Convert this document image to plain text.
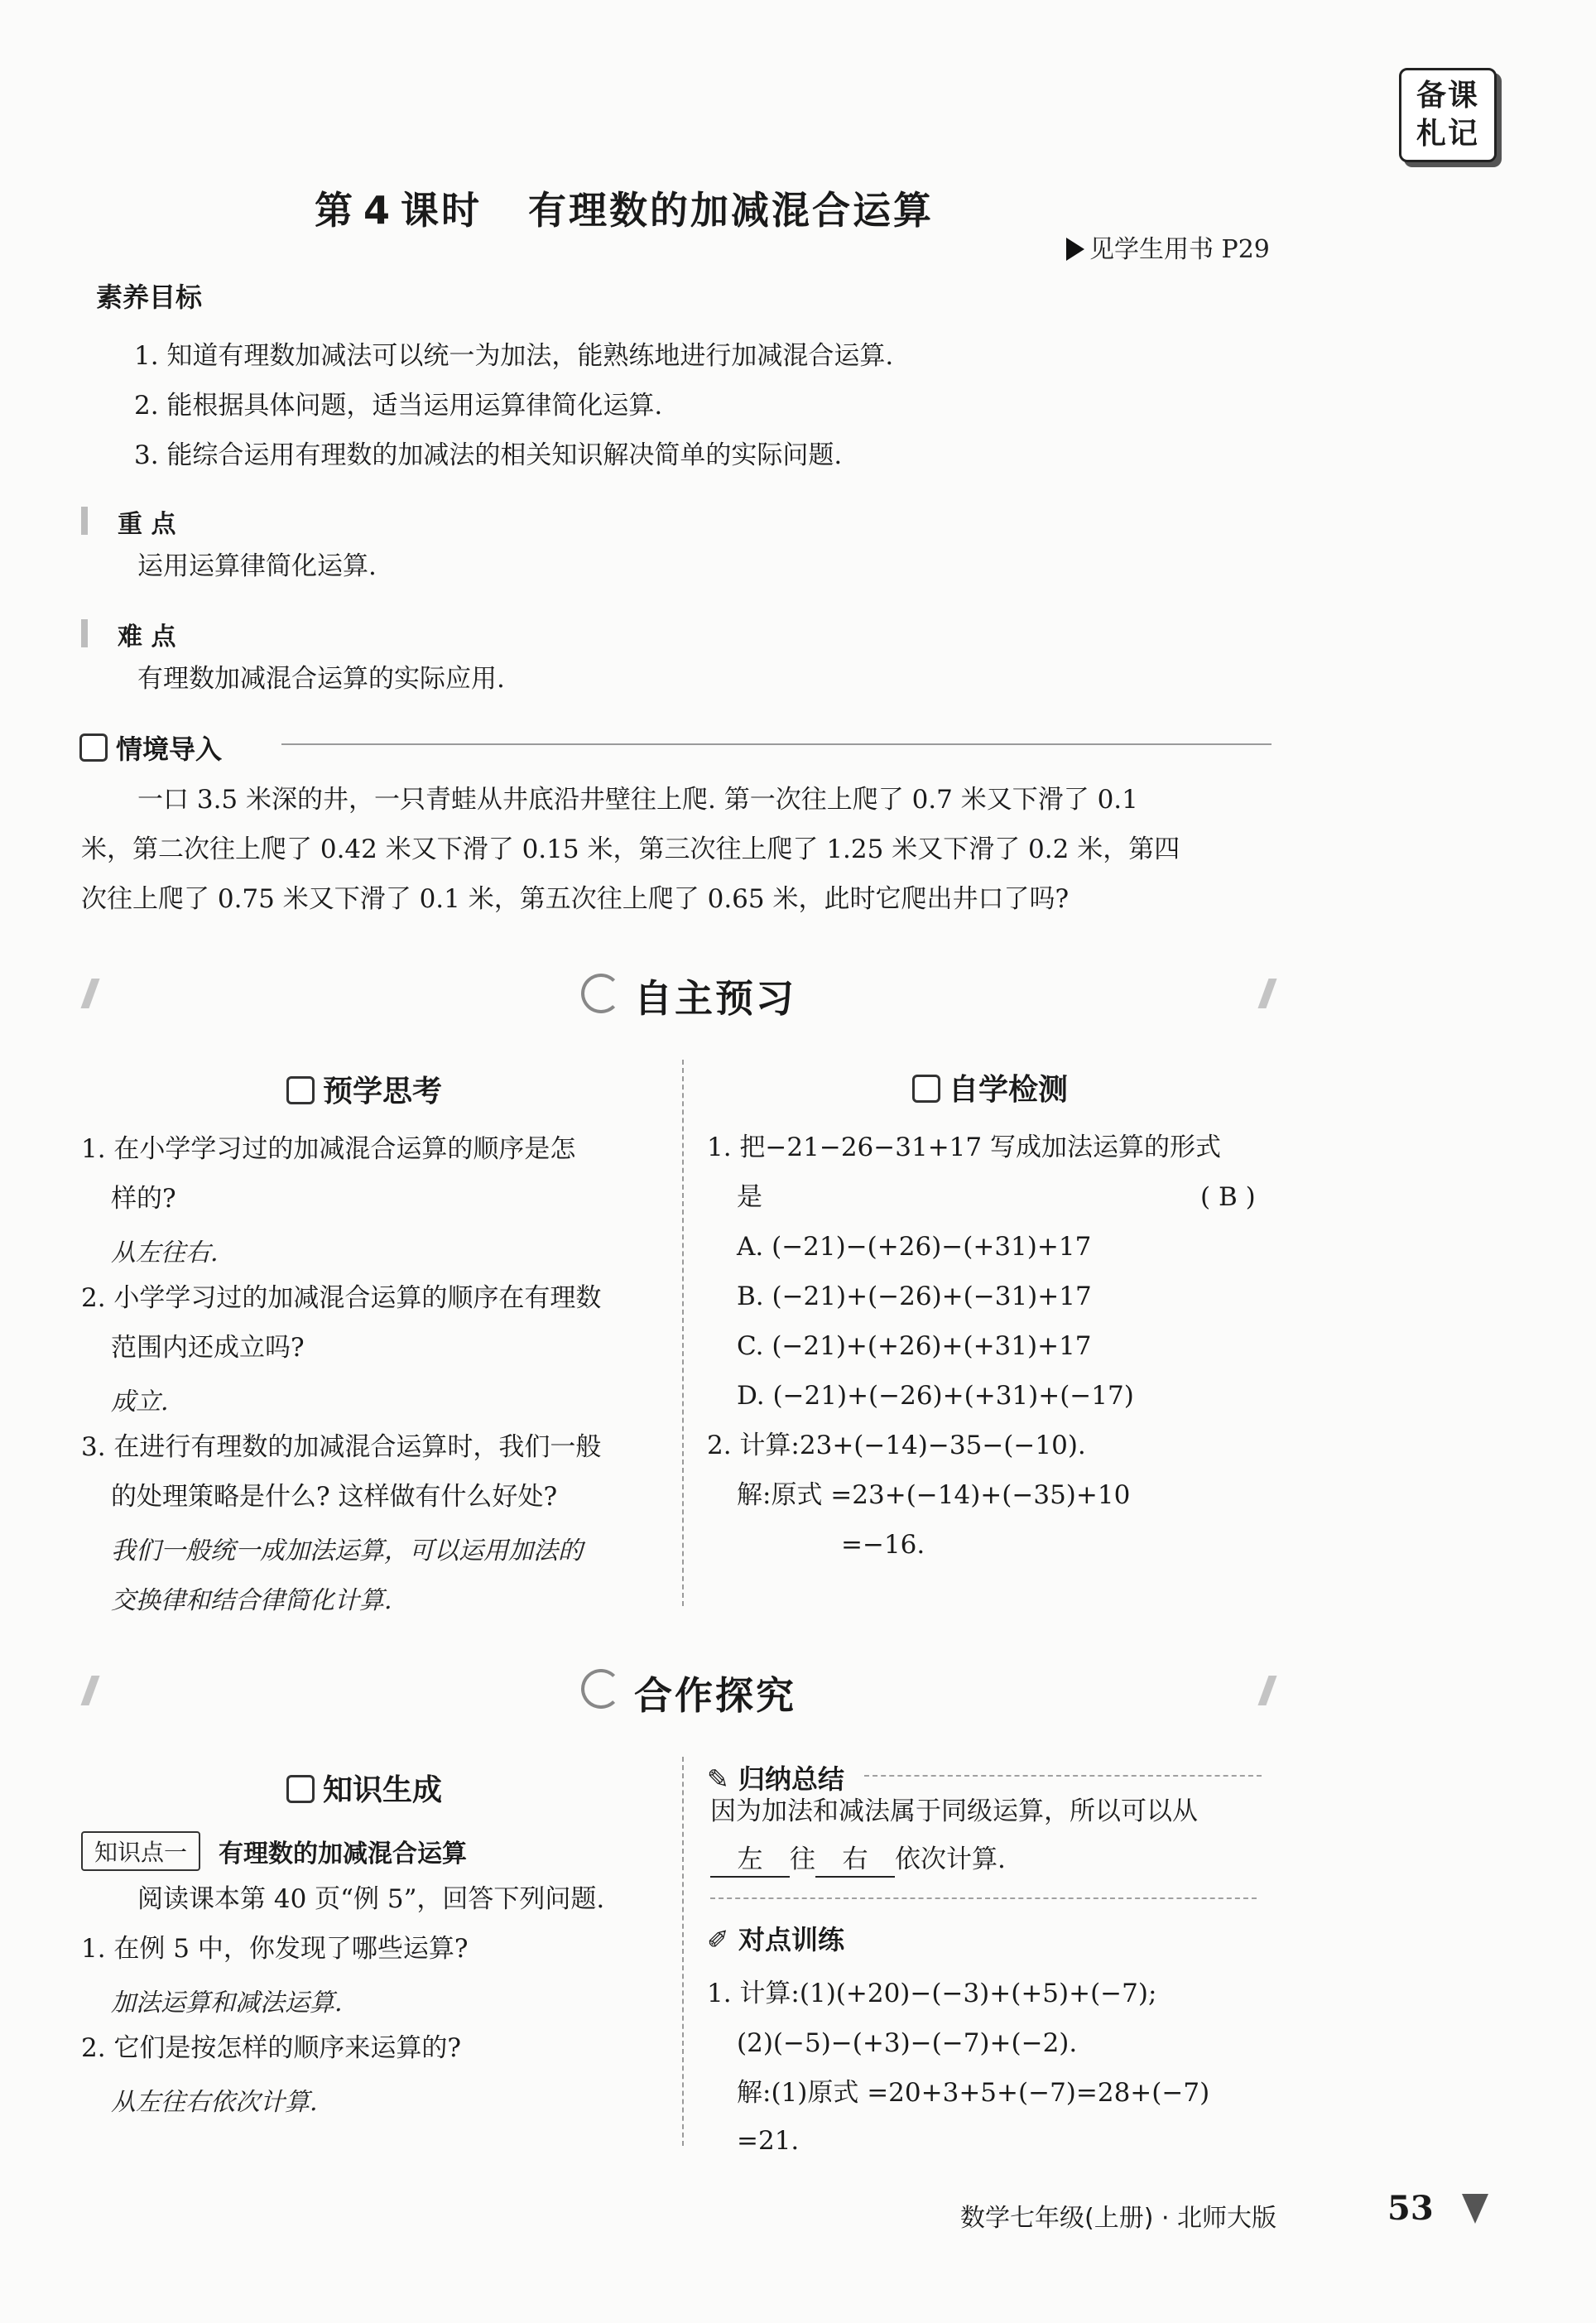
备课
札记
第 4 课时 有理数的加减混合运算
见学生用书 P29
素养目标
1. 知道有理数加减法可以统一为加法，能熟练地进行加减混合运算.
2. 能根据具体问题，适当运用运算律简化运算.
3. 能综合运用有理数的加减法的相关知识解决简单的实际问题.
重 点
运用运算律简化运算.
难 点
有理数加减混合运算的实际应用.
情境导入
一口 3.5 米深的井，一只青蛙从井底沿井壁往上爬. 第一次往上爬了 0.7 米又下滑了 0.1
米，第二次往上爬了 0.42 米又下滑了 0.15 米，第三次往上爬了 1.25 米又下滑了 0.2 米，第四
次往上爬了 0.75 米又下滑了 0.1 米，第五次往上爬了 0.65 米，此时它爬出井口了吗?
自主预习
预学思考
1. 在小学学习过的加减混合运算的顺序是怎
样的?
从左往右.
2. 小学学习过的加减混合运算的顺序在有理数
范围内还成立吗?
成立.
3. 在进行有理数的加减混合运算时，我们一般
的处理策略是什么? 这样做有什么好处?
我们一般统一成加法运算，可以运用加法的
交换律和结合律简化计算.
自学检测
1. 把−21−26−31+17 写成加法运算的形式
是	( B )
A. (−21)−(+26)−(+31)+17
B. (−21)+(−26)+(−31)+17
C. (−21)+(+26)+(+31)+17
D. (−21)+(−26)+(+31)+(−17)
2. 计算:23+(−14)−35−(−10).
解:原式 =23+(−14)+(−35)+10
=−16.
合作探究
知识生成
知识点一	有理数的加减混合运算
阅读课本第 40 页“例 5”，回答下列问题.
1. 在例 5 中，你发现了哪些运算?
加法运算和减法运算.
2. 它们是按怎样的顺序来运算的?
从左往右依次计算.
✎ 归纳总结
因为加法和减法属于同级运算，所以可以从
左 往 右 依次计算.
✐ 对点训练
1. 计算:(1)(+20)−(−3)+(+5)+(−7);
(2)(−5)−(+3)−(−7)+(−2).
解:(1)原式 =20+3+5+(−7)=28+(−7)
=21.
数学七年级(上册) · 北师大版	53
